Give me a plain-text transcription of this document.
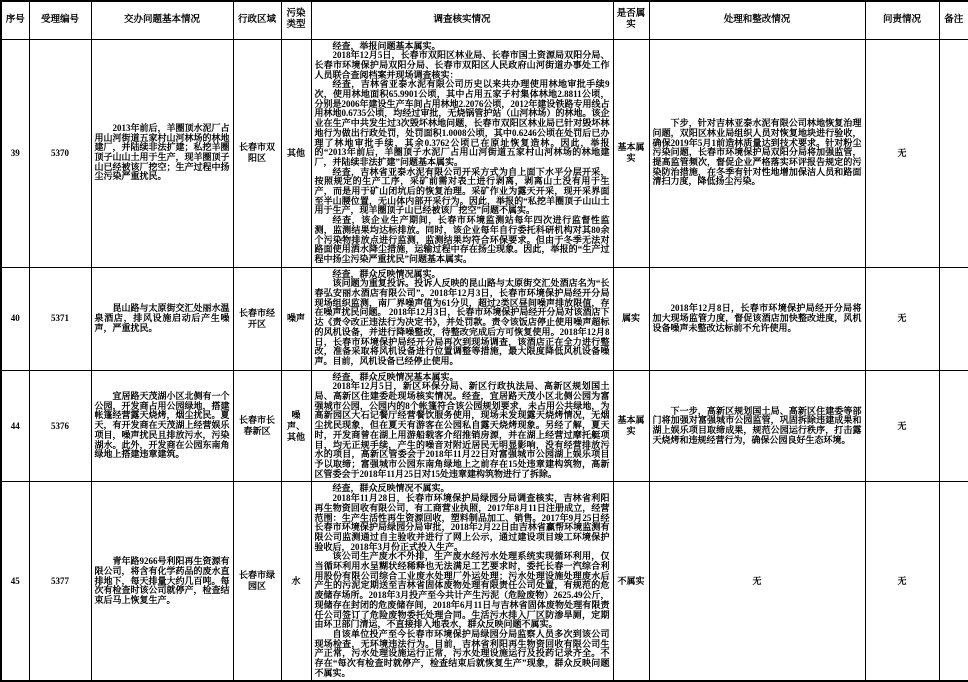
序号	受理编号	交办问题基本情况	行政区域	污染类型	调查核实情况	是否属实	处理和整改情况	问责情况	备注
39	5370	2013年前后，羊圈顶水泥厂占用山河街道五家村山河林场的林地建厂，并陆续非法扩建；私挖羊圈顶子山山土用于生产，现羊圈顶子山已经被该厂挖空；生产过程中扬尘污染严重扰民。	长春市双阳区	其他	经查，举报问题基本属实。

2018年12月5日，长春市双阳区林业局、长春市国土资源局双阳分局、长春市环境保护局双阳分局、长春市双阳区人民政府山河街道办事处工作人员联合查阅档案并现场调查核实：

经查，吉林省亚泰水泥有限公司历史以来共办理使用林地审批手续9次，使用林地面积65.9901公顷，其中占用五家子村集体林地2.8811公顷，分别是2006年建设生产车间占用林地2.2076公顷，2012年建设铁路专用线占用林地0.6735公顷，均经过审批，无烧锅管护站（山河林场）的林地。该企业在生产中共发生过3次毁坏林地问题，长春市双阳区林业局已针对毁坏林地行为做出行政处罚，处罚面积1.0008公顷，其中0.6246公顷在处罚后已办理了林地审批手续，其余0.3762公顷已在原址恢复造林。因此，举报的“2013年前后，羊圈顶子水泥厂占用山河街道五家村山河林场的林地建厂，并陆续非法扩建”问题基本属实。

经查，吉林省亚泰水泥有限公司开采方式为自上面下水平分层开采，按照规定的生产工序，采矿前需对表土进行剥离，剥离山土没有用于生产，而是用于矿山闭坑后的恢复治理。采矿作业为露天开采，现开采界面至半山腰位置，无山体内部开采行为。因此，举报的“私挖羊圈顶子山山土用于生产，现羊圈顶子山已经被该厂挖空”问题不属实。

经查，该企业生产期间，长春市环境监测站每年四次进行监督性监测，监测结果均达标排放。同时，该企业每年自行委托科研机构对其80余个污染物排放点进行监测，监测结果均符合环保要求。但由于冬季无法对路面使用洒水降尘措施，运输过程中存在扬尘现象。因此，举报的“生产过程中扬尘污染严重扰民”问题基本属实。	基本属实	下步，针对吉林亚泰水泥有限公司林地恢复治理问题，双阳区林业局组织人员对恢复地块进行验收，确保2019年5月1前造林质量达到技术要求。针对粉尘污染问题，长春市环境保护局双阳分局将加强监管，提高监管频次，督促企业严格落实环评报告规定的污染防治措施，在冬季有针对性地增加保洁人员和路面清扫力度，降低扬尘污染。	无	
40	5371	昆山路与太原街交汇处丽水温泉酒店，排风设施启动后产生噪声，严重扰民。	长春市经开区	噪声	经查，群众反映情况属实。

该问题为重复投诉。投诉人反映的昆山路与太原街交汇处酒店名为“长春弘安丽水酒店有限公司”。2018年12月3日，长春市环境保护局经开分局现场组织监测，南厂界噪声值为61分贝，超过2类区昼间噪声排放限值，存在噪声扰民问题。 2018年12月3日，长春市环境保护局经开分局对该酒店下达《责令改正违法行为决定书》，并处罚款。责令该饭店停止使用噪声超标的风机设备，并进行降噪整改，待整改完成后方可恢复使用。2018年12月8日，长春市环境保护局经开分局再次到现场调查，该酒店正在全力进行整改，准备采取将风机设备进行位置调整等措施，最大限度降低风机设备噪声。目前，风机设备已经停止使用。	属实	2018年12月8日，长春市环境保护局经开分局将加大现场监管力度，督促该酒店加快整改进度，风机设备噪声未整改达标前不允许使用。	无	
44	5376	宜居路天茂湖小区北侧有一个公园，开发商占用公园绿地，搭建帐篷经营露天烧烤，烟尘扰民。夏天，有开发商在天茂湖上经营娱乐项目，噪声扰民且排放污水，污染湖水。此外，开发商在公园东南角绿地上搭建违章建筑。	长春市长春新区	噪声、其他	经查，群众反映情况基本属实。

2018年12月5日，新区环保分局、新区行政执法局、高新区规划国土局、高新区住建委赴现场核实情况。经查，宜居路天茂小区北侧公园为富强城市公园，公园内的8个帐篷符合该公园规划要求，未占用公共绿地，为高新园区大石记餐厅经营餐饮服务使用，现场未发现露天烧烤情况，无烟尘扰民现象，但在夏天有游客在公园私自露天烧烤现象。另经了解，夏天时，开发商曾在湖上用游船载客介绍推销房源，并在湖上经营过摩托艇项目，均无正规手续，产生的噪音对附近居民无明显影响，没有经营排放污水的项目，高新区管委会于2018年11月22日对富强城市公园湖上娱乐项目予以取缔；富强城市公园东南角绿地上之前存在15处违章建构筑物，高新区管委会于2018年11月25日对15处违章建构筑物进行了拆除。	基本属实	下一步，高新区规划国土局、高新区住建委等部门将加强对富强城市公园监管，巩固拆除违建成果和湖上娱乐项目取缔成果，规范公园运行秩序，打击露天烧烤和违规经营行为，确保公园良好生态环境。	无	
45	5377	青年路9266号利阳再生资源有限公司，将含有化学药品的废水直排地下，每天排量大约几百吨。每次有检查时该公司就停产，检查结束后马上恢复生产。	长春市绿园区	水	经查，群众反映情况不属实。

2018年11月28日，长春市环境保护局绿园分局调查核实，吉林省利阳再生物资回收有限公司，有工商营业执照，2017年8月11日注册成立，经营范围：生产生活性再生资源回收，塑料制品加工、销售。2017年9月25日经长春市环境保护局绿园分局审批，2018年2月22日由吉林省赢帮环境监测有限公司监测通过自主验收并进行了网上公示，通过建设项目竣工环境保护验收后，2018年3月份正式投入生产。

该公司生产废水不外排，生产废水经污水处理系统实现循环利用，仅当循环利用水呈糊状经稀释也无法满足工艺要求时，委托长春一汽综合利用股份有限公司综合工业废水处理厂外运处理；污水处理设施处理废水后产生的污泥定期送至吉林省固体废物处理有限责任公司处置，有规范的危废储存场所。2018年3月投产至今共计产生污泥（危险废物）2625.49公斤，现储存在封闭的危废储存间，2018年6月11日与吉林省固体废物处理有限责任公司签订了危险废物委托处理合同。生活污水排入厂区防渗旱厕，定期由环卫部门清运，不直接排入地表水，群众反映问题不属实。

自该单位投产至今长春市环境保护局绿园分局监察人员多次到该公司现场检查，无环境违法行为。目前，吉林省利阳再生物资回收有限公司生产正常，污水处理设施运行正常，污水处理设施运行及投药记录齐全。不存在“每次有检查时就停产，检查结束后就恢复生产”现象，群众反映问题不属实。	不属实	无	无	
